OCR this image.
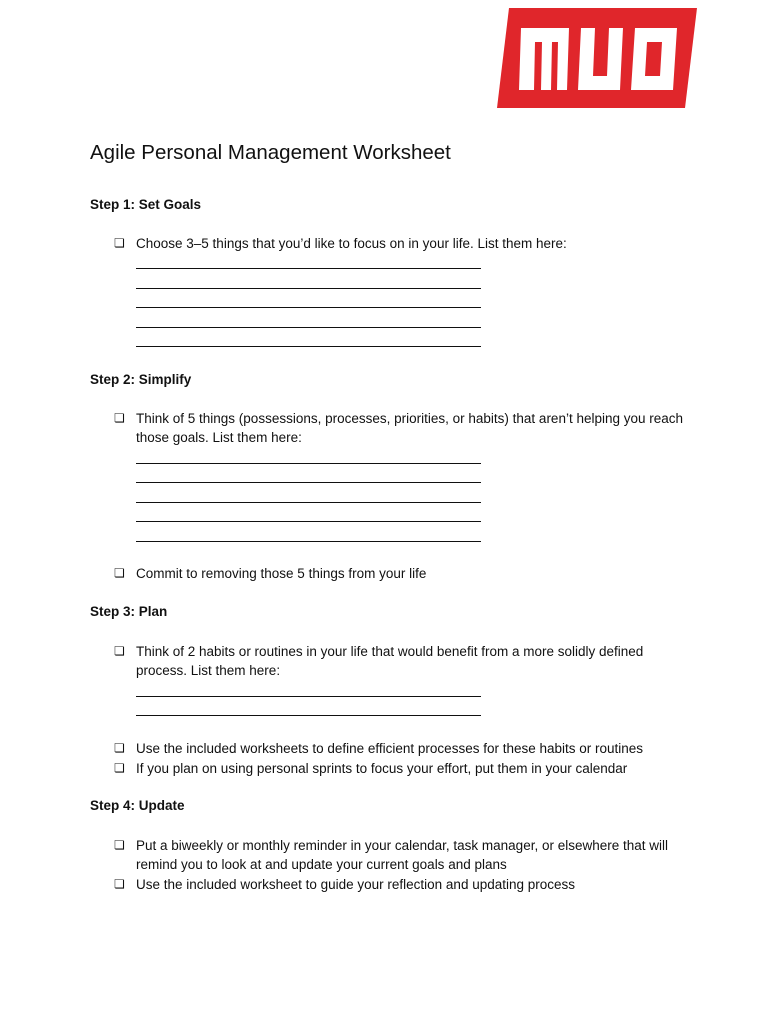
Agile Personal Management Worksheet
Step 1: Set Goals
❏ Choose 3–5 things that you’d like to focus on in your life. List them here:
Step 2: Simplify
❏ Think of 5 things (possessions, processes, priorities, or habits) that aren’t helping you reach those goals. List them here:
❏ Commit to removing those 5 things from your life
Step 3: Plan
❏ Think of 2 habits or routines in your life that would benefit from a more solidly defined process. List them here:
❏ Use the included worksheets to define efficient processes for these habits or routines
❏ If you plan on using personal sprints to focus your effort, put them in your calendar
Step 4: Update
❏ Put a biweekly or monthly reminder in your calendar, task manager, or elsewhere that will remind you to look at and update your current goals and plans
❏ Use the included worksheet to guide your reflection and updating process
